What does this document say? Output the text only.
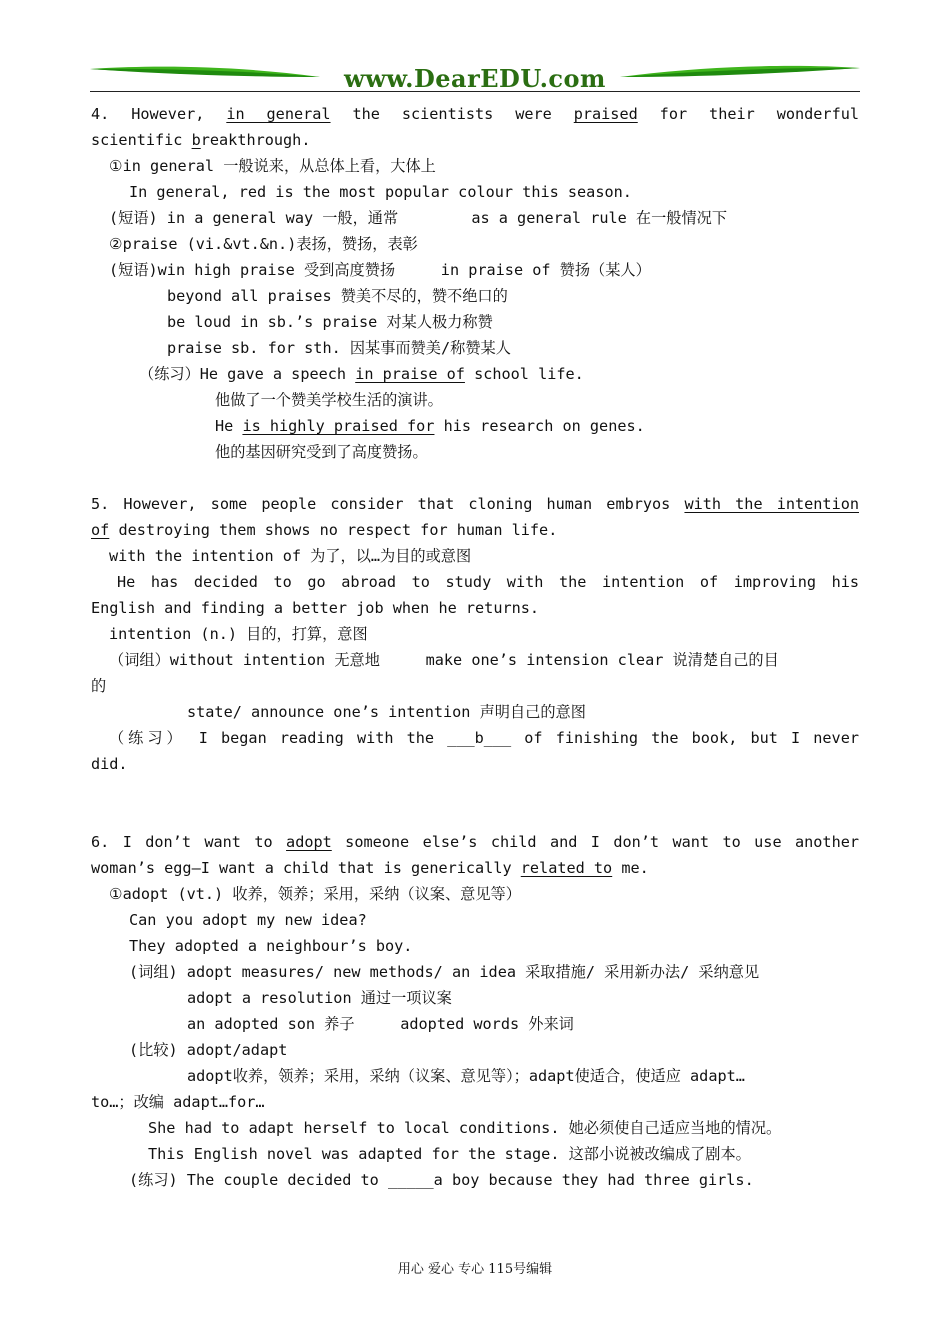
www.DearEDU.com
4. However, in general the scientists were praised for their wonderful
scientific breakthrough.
①in general 一般说来，从总体上看，大体上
In general, red is the most popular colour this season.
(短语) in a general way 一般，通常        as a general rule 在一般情况下
②praise (vi.&vt.&n.)表扬，赞扬，表彰
(短语)win high praise 受到高度赞扬     in praise of 赞扬（某人）
beyond all praises 赞美不尽的，赞不绝口的
be loud in sb.’s praise 对某人极力称赞
praise sb. for sth. 因某事而赞美/称赞某人
（练习）He gave a speech in praise of school life.
他做了一个赞美学校生活的演讲。
He is highly praised for his research on genes.
他的基因研究受到了高度赞扬。
5. However, some people consider that cloning human embryos with the intention
of destroying them shows no respect for human life.
with the intention of 为了，以…为目的或意图
He has decided to go abroad to study with the intention of improving his
English and finding a better job when he returns.
intention (n.) 目的，打算，意图
（词组）without intention 无意地     make one’s intension clear 说清楚自己的目
的
state/ announce one’s intention 声明自己的意图
（练习） I began reading with the ___b___ of finishing the book, but I never
did.

6. I don’t want to adopt someone else’s child and I don’t want to use another
woman’s egg—I want a child that is generically related to me.
①adopt (vt.) 收养，领养；采用，采纳（议案、意见等）
Can you adopt my new idea?
They adopted a neighbour’s boy.
(词组) adopt measures/ new methods/ an idea 采取措施/ 采用新办法/ 采纳意见
adopt a resolution 通过一项议案
an adopted son 养子     adopted words 外来词
(比较) adopt/adapt
adopt收养，领养；采用，采纳（议案、意见等）；adapt使适合，使适应 adapt…
to…；改编 adapt…for…
She had to adapt herself to local conditions. 她必须使自己适应当地的情况。
This English novel was adapted for the stage. 这部小说被改编成了剧本。
(练习) The couple decided to _____a boy because they had three girls.

用心 爱心 专心 115号编辑
